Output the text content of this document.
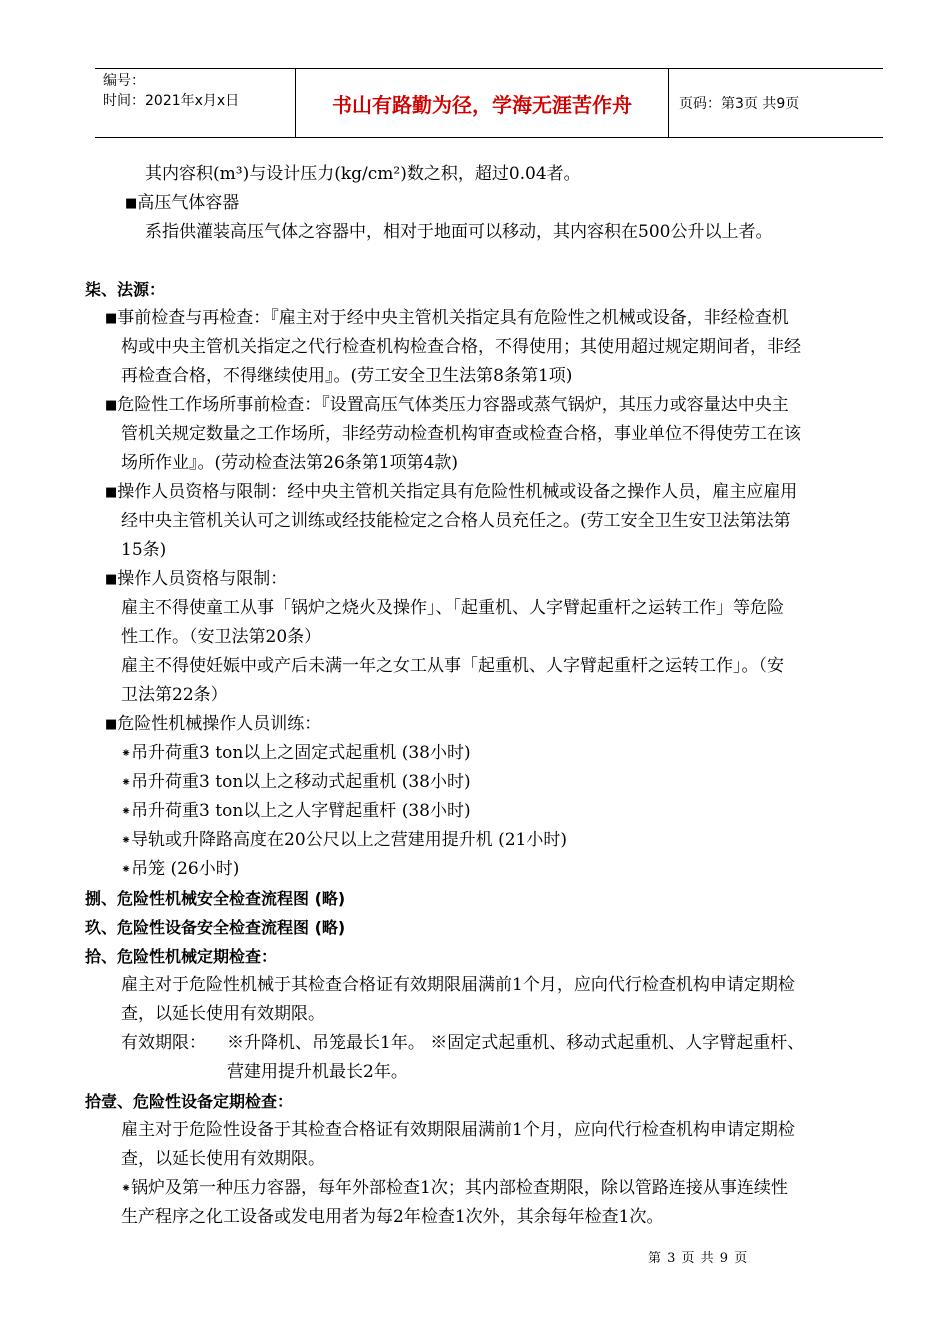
编号：
时间：2021年x月x日	书山有路勤为径，学海无涯苦作舟	页码：第3页 共9页
其内容积(m³)与设计压力(kg/cm²)数之积，超过0.04者。
■高压气体容器
系指供灌装高压气体之容器中，相对于地面可以移动，其内容积在500公升以上者。
柒、法源：
■事前检查与再检查：『雇主对于经中央主管机关指定具有危险性之机械或设备，非经检查机
构或中央主管机关指定之代行检查机构检查合格，不得使用；其使用超过规定期间者，非经
再检查合格，不得继续使用』。(劳工安全卫生法第8条第1项)
■危险性工作场所事前检查：『设置高压气体类压力容器或蒸气锅炉，其压力或容量达中央主
管机关规定数量之工作场所，非经劳动检查机构审查或检查合格，事业单位不得使劳工在该
场所作业』。(劳动检查法第26条第1项第4款)
■操作人员资格与限制：经中央主管机关指定具有危险性机械或设备之操作人员，雇主应雇用
经中央主管机关认可之训练或经技能检定之合格人员充任之。(劳工安全卫生安卫法第法第
15条)
■操作人员资格与限制：
雇主不得使童工从事「锅炉之烧火及操作」、「起重机、人字臂起重杆之运转工作」等危险
性工作。（安卫法第20条）
雇主不得使妊娠中或产后未满一年之女工从事「起重机、人字臂起重杆之运转工作」。（安
卫法第22条）
■危险性机械操作人员训练：
⁕吊升荷重3 ton以上之固定式起重机 (38小时)
⁕吊升荷重3 ton以上之移动式起重机 (38小时)
⁕吊升荷重3 ton以上之人字臂起重杆 (38小时)
⁕导轨或升降路高度在20公尺以上之营建用提升机 (21小时)
⁕吊笼 (26小时)
捌、危险性机械安全检查流程图 (略)
玖、危险性设备安全检查流程图 (略)
拾、危险性机械定期检查：
雇主对于危险性机械于其检查合格证有效期限届满前1个月，应向代行检查机构申请定期检
查，以延长使用有效期限。
有效期限：	※升降机、吊笼最长1年。 ※固定式起重机、移动式起重机、人字臂起重杆、
营建用提升机最长2年。
拾壹、危险性设备定期检查：
雇主对于危险性设备于其检查合格证有效期限届满前1个月，应向代行检查机构申请定期检
查，以延长使用有效期限。
⁕锅炉及第一种压力容器，每年外部检查1次；其内部检查期限，除以管路连接从事连续性
生产程序之化工设备或发电用者为每2年检查1次外，其余每年检查1次。
第 3 页 共 9 页
